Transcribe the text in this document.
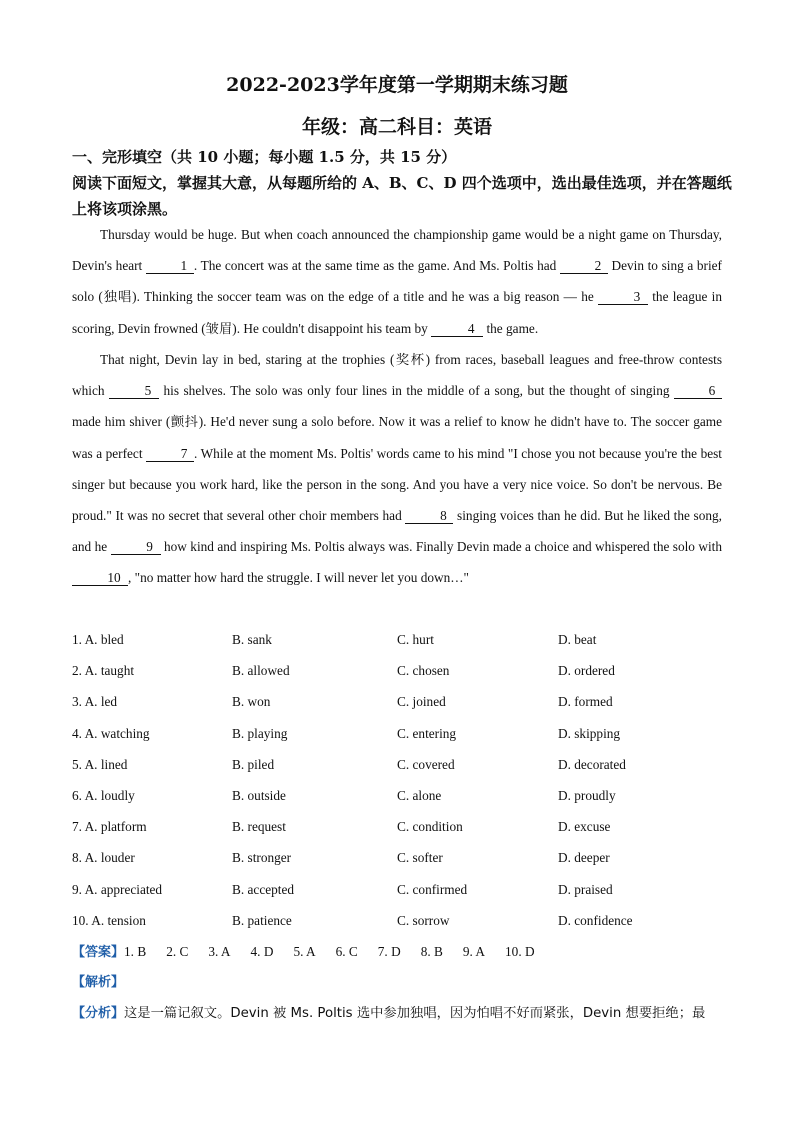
2022-2023学年度第一学期期末练习题
年级：高二科目：英语
一、完形填空（共 10 小题；每小题 1.5 分，共 15 分）
阅读下面短文，掌握其大意，从每题所给的 A、B、C、D 四个选项中，选出最佳选项，并在答题纸上将该项涂黑。

Thursday would be huge. But when coach announced the championship game would be a night game on Thursday, Devin's heart	1 . The concert was at the same time as the game. And Ms. Poltis had	2 Devin to sing a brief solo (独唱). Thinking the soccer team was on the edge of a title and he was a big reason — he	3 the league in scoring, Devin frowned (皱眉). He couldn't disappoint his team by	4 the game.

That night, Devin lay in bed, staring at the trophies (奖杯) from races, baseball leagues and free-throw contests which	5 his shelves. The solo was only four lines in the middle of a song, but the thought of singing	6 made him shiver (颤抖). He'd never sung a solo before. Now it was a relief to know he didn't have to. The soccer game was a perfect	7 . While at the moment Ms. Poltis' words came to his mind "I chose you not because you're the best singer but because you work hard, like the person in the song. And you have a very nice voice. So don't be nervous. Be proud." It was no secret that several other choir members had	8 singing voices than he did. But he liked the song, and he	9 how kind and inspiring Ms. Poltis always was. Finally Devin made a choice and whispered the solo with 10 , "no matter how hard the struggle. I will never let you down…"

1. A. bled	B. sank	C. hurt	D. beat
2. A. taught	B. allowed	C. chosen	D. ordered
3. A. led	B. won	C. joined	D. formed
4. A. watching	B. playing	C. entering	D. skipping
5. A. lined	B. piled	C. covered	D. decorated
6. A. loudly	B. outside	C. alone	D. proudly
7. A. platform	B. request	C. condition	D. excuse
8. A. louder	B. stronger	C. softer	D. deeper
9. A. appreciated	B. accepted	C. confirmed	D. praised
10. A. tension	B. patience	C. sorrow	D. confidence
【答案】1. B 2. C 3. A 4. D 5. A 6. C 7. D 8. B 9. A 10. D
【解析】
【分析】这是一篇记叙文。Devin 被 Ms. Poltis 选中参加独唱，因为怕唱不好而紧张，Devin 想要拒绝；最
